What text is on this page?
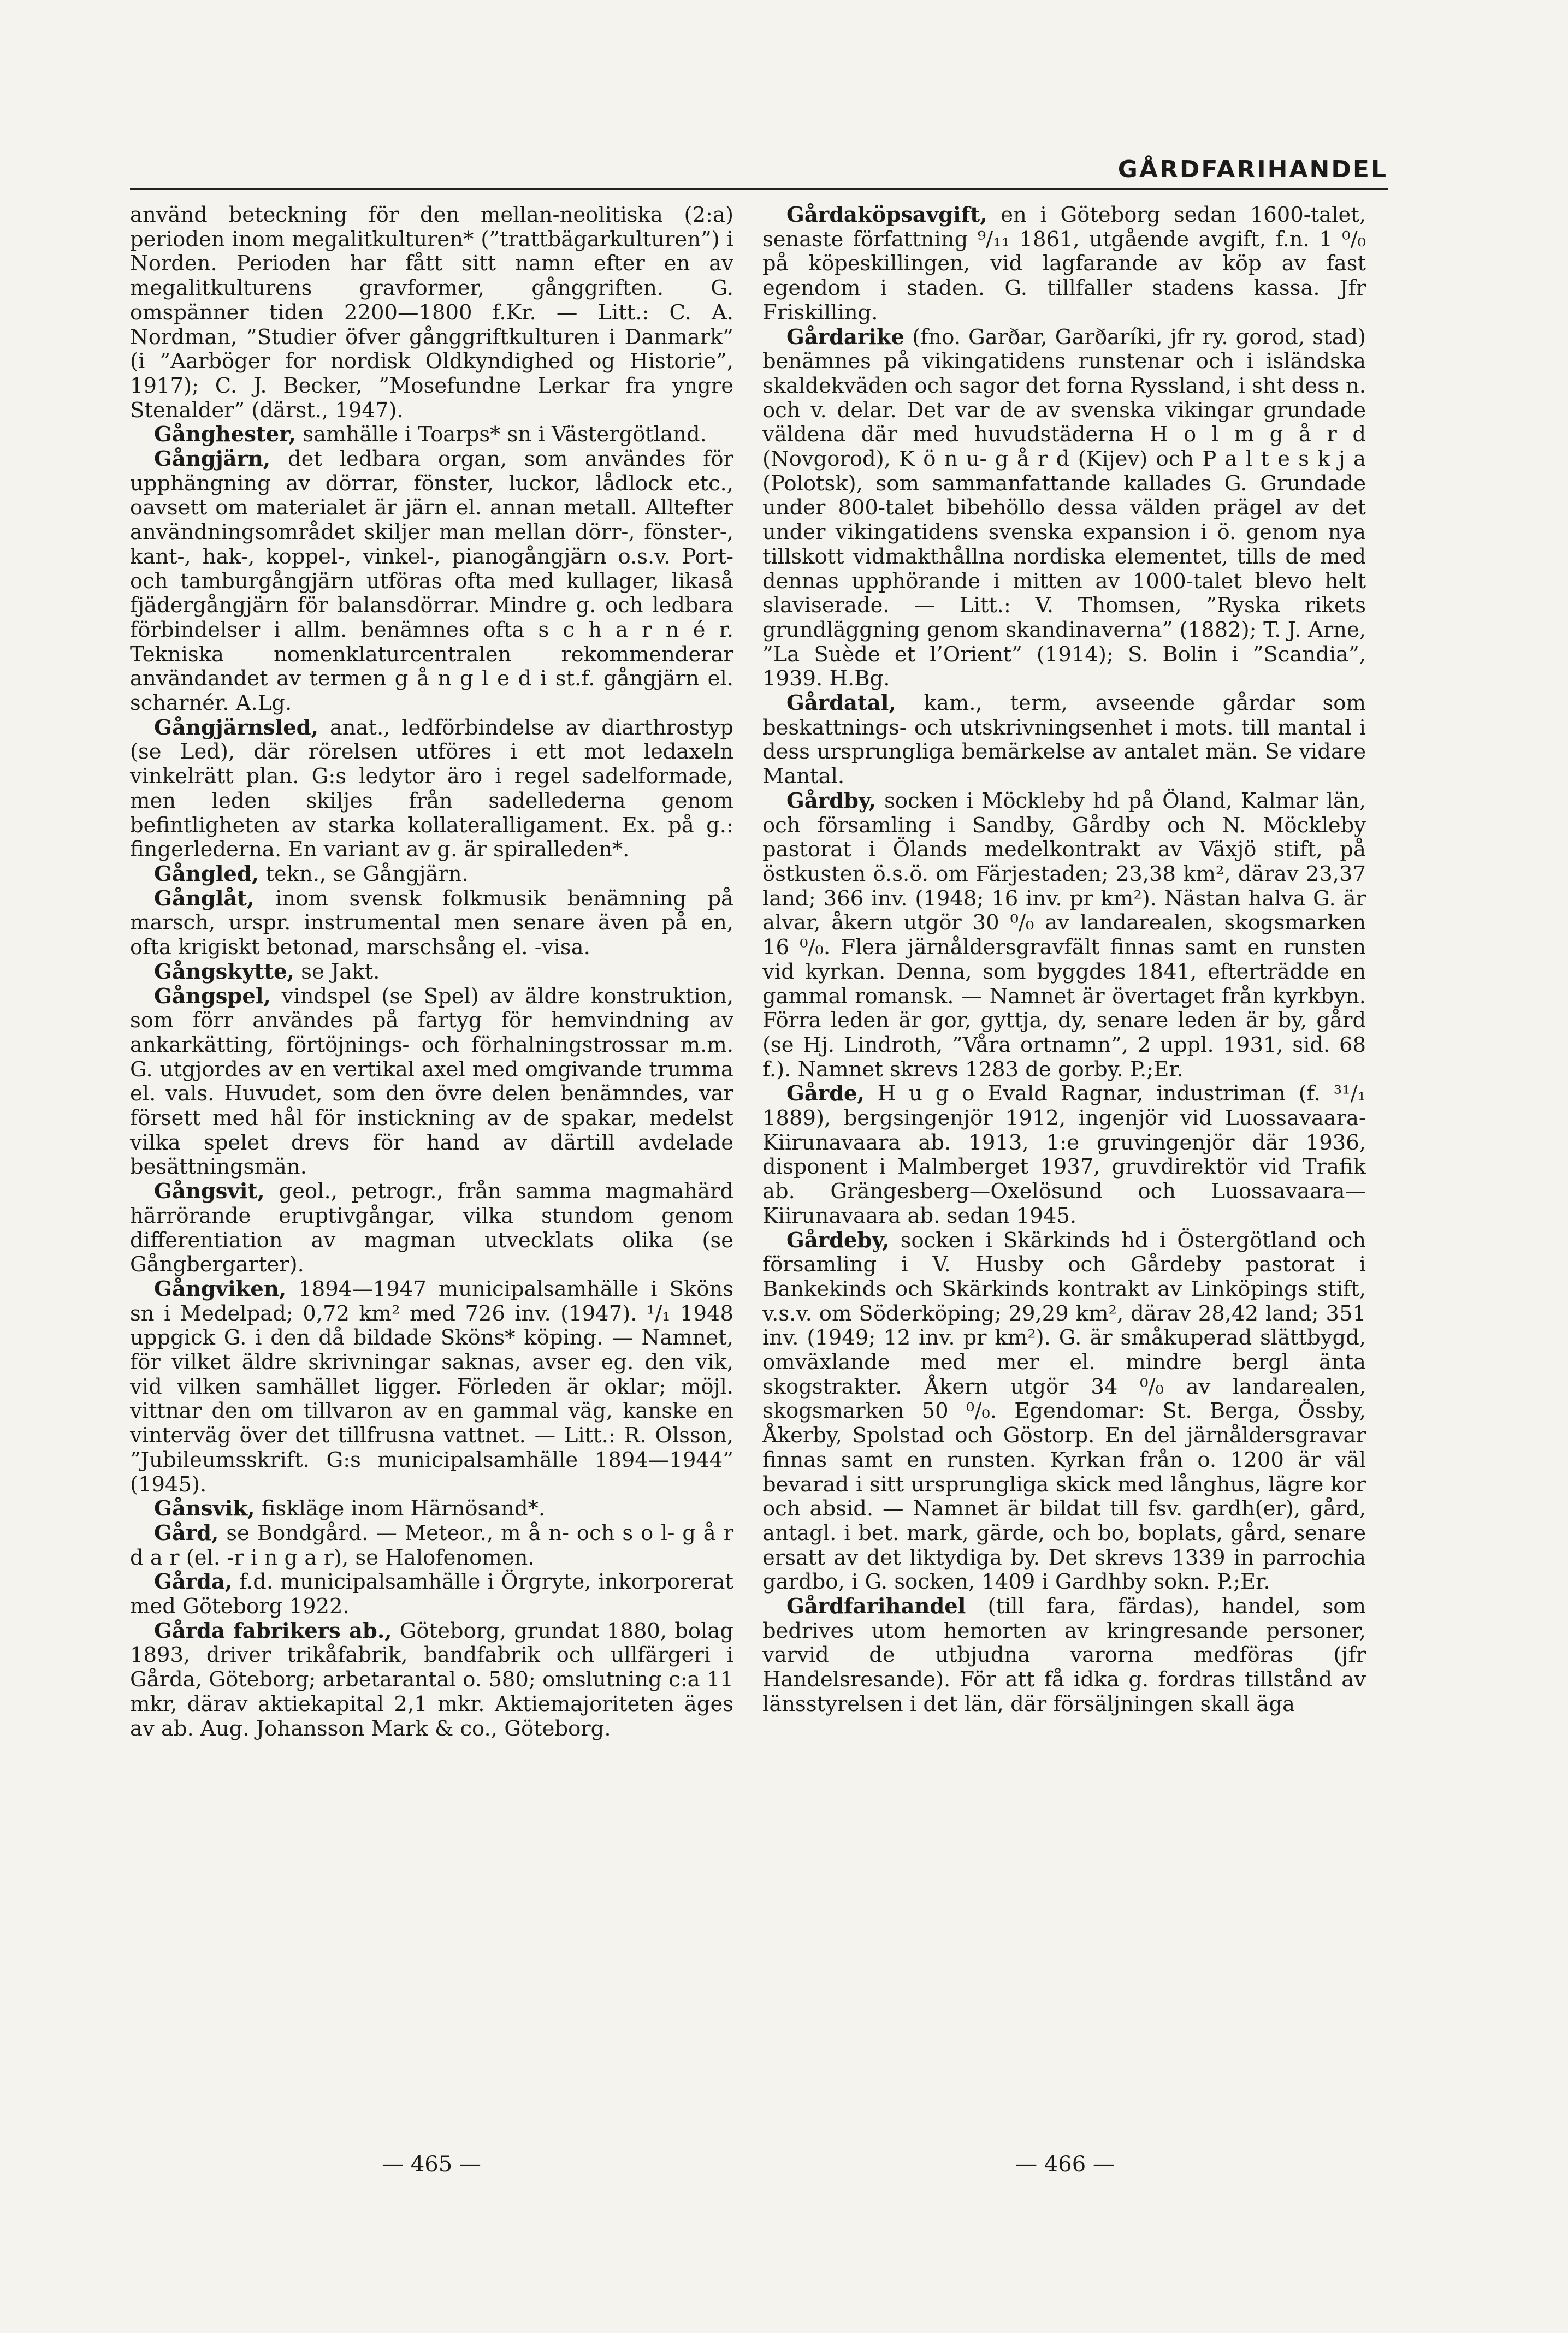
GÅRDFARIHANDEL

använd beteckning för den mellan-neolitiska (2:a) perioden inom megalitkulturen* (”trattbägarkulturen”) i Norden. Perioden har fått sitt namn efter en av megalitkulturens gravformer, gånggriften. G. omspänner tiden 2200—1800 f.Kr. — Litt.: C. A. Nordman, ”Studier öfver gånggriftkulturen i Danmark” (i ”Aarböger for nordisk Oldkyndighed og Historie”, 1917); C. J. Becker, ”Mosefundne Lerkar fra yngre Stenalder” (därst., 1947).

Gånghester, samhälle i Toarps* sn i Västergötland.

Gångjärn, det ledbara organ, som användes för upphängning av dörrar, fönster, luckor, lådlock etc., oavsett om materialet är järn el. annan metall. Alltefter användningsområdet skiljer man mellan dörr-, fönster-, kant-, hak-, koppel-, vinkel-, pianogångjärn o.s.v. Port- och tamburgångjärn utföras ofta med kullager, likaså fjädergångjärn för balansdörrar. Mindre g. och ledbara förbindelser i allm. benämnes ofta s c h a r n é r. Tekniska nomenklaturcentralen rekommenderar användandet av termen g å n g l e d i st.f. gångjärn el. scharnér. A.Lg.

Gångjärnsled, anat., ledförbindelse av diarthrostyp (se Led), där rörelsen utföres i ett mot ledaxeln vinkelrätt plan. G:s ledytor äro i regel sadelformade, men leden skiljes från sadellederna genom befintligheten av starka kollateralligament. Ex. på g.: fingerlederna. En variant av g. är spiralleden*.

Gångled, tekn., se Gångjärn.

Gånglåt, inom svensk folkmusik benämning på marsch, urspr. instrumental men senare även på en, ofta krigiskt betonad, marschsång el. -visa.

Gångskytte, se Jakt.

Gångspel, vindspel (se Spel) av äldre konstruktion, som förr användes på fartyg för hemvindning av ankarkätting, förtöjnings- och förhalningstrossar m.m. G. utgjordes av en vertikal axel med omgivande trumma el. vals. Huvudet, som den övre delen benämndes, var försett med hål för instickning av de spakar, medelst vilka spelet drevs för hand av därtill avdelade besättningsmän.

Gångsvit, geol., petrogr., från samma magmahärd härrörande eruptivgångar, vilka stundom genom differentiation av magman utvecklats olika (se Gångbergarter).

Gångviken, 1894—1947 municipalsamhälle i Sköns sn i Medelpad; 0,72 km² med 726 inv. (1947). ¹/₁ 1948 uppgick G. i den då bildade Sköns* köping. — Namnet, för vilket äldre skrivningar saknas, avser eg. den vik, vid vilken samhället ligger. Förleden är oklar; möjl. vittnar den om tillvaron av en gammal väg, kanske en vinterväg över det tillfrusna vattnet. — Litt.: R. Olsson, ”Jubileumsskrift. G:s municipalsamhälle 1894—1944” (1945).

Gånsvik, fiskläge inom Härnösand*.

Gård, se Bondgård. — Meteor., m å n- och s o l- g å r d a r (el. -r i n g a r), se Halofenomen.

Gårda, f.d. municipalsamhälle i Örgryte, inkorporerat med Göteborg 1922.

Gårda fabrikers ab., Göteborg, grundat 1880, bolag 1893, driver trikåfabrik, bandfabrik och ullfärgeri i Gårda, Göteborg; arbetarantal o. 580; omslutning c:a 11 mkr, därav aktiekapital 2,1 mkr. Aktiemajoriteten äges av ab. Aug. Johansson Mark & co., Göteborg.

Gårdaköpsavgift, en i Göteborg sedan 1600-talet, senaste författning ⁹/₁₁ 1861, utgående avgift, f.n. 1 ⁰/₀ på köpeskillingen, vid lagfarande av köp av fast egendom i staden. G. tillfaller stadens kassa. Jfr Friskilling.

Gårdarike (fno. Garðar, Garðaríki, jfr ry. gorod, stad) benämnes på vikingatidens runstenar och i isländska skaldekväden och sagor det forna Ryssland, i sht dess n. och v. delar. Det var de av svenska vikingar grundade väldena där med huvudstäderna H o l m g å r d (Novgorod), K ö n u- g å r d (Kijev) och P a l t e s k j a (Polotsk), som sammanfattande kallades G. Grundade under 800-talet bibehöllo dessa välden prägel av det under vikingatidens svenska expansion i ö. genom nya tillskott vidmakthållna nordiska elementet, tills de med dennas upphörande i mitten av 1000-talet blevo helt slaviserade. — Litt.: V. Thomsen, ”Ryska rikets grundläggning genom skandinaverna” (1882); T. J. Arne, ”La Suède et l’Orient” (1914); S. Bolin i ”Scandia”, 1939. H.Bg.

Gårdatal, kam., term, avseende gårdar som beskattnings- och utskrivningsenhet i mots. till mantal i dess ursprungliga bemärkelse av antalet män. Se vidare Mantal.

Gårdby, socken i Möckleby hd på Öland, Kalmar län, och församling i Sandby, Gårdby och N. Möckleby pastorat i Ölands medelkontrakt av Växjö stift, på östkusten ö.s.ö. om Färjestaden; 23,38 km², därav 23,37 land; 366 inv. (1948; 16 inv. pr km²). Nästan halva G. är alvar, åkern utgör 30 ⁰/₀ av landarealen, skogsmarken 16 ⁰/₀. Flera järnåldersgravfält finnas samt en runsten vid kyrkan. Denna, som byggdes 1841, efterträdde en gammal romansk. — Namnet är övertaget från kyrkbyn. Förra leden är gor, gyttja, dy, senare leden är by, gård (se Hj. Lindroth, ”Våra ortnamn”, 2 uppl. 1931, sid. 68 f.). Namnet skrevs 1283 de gorby. P.;Er.

Gårde, H u g o Evald Ragnar, industriman (f. ³¹/₁ 1889), bergsingenjör 1912, ingenjör vid Luossavaara-Kiirunavaara ab. 1913, 1:e gruvingenjör där 1936, disponent i Malmberget 1937, gruvdirektör vid Trafik ab. Grängesberg—Oxelösund och Luossavaara—Kiirunavaara ab. sedan 1945.

Gårdeby, socken i Skärkinds hd i Östergötland och församling i V. Husby och Gårdeby pastorat i Bankekinds och Skärkinds kontrakt av Linköpings stift, v.s.v. om Söderköping; 29,29 km², därav 28,42 land; 351 inv. (1949; 12 inv. pr km²). G. är småkuperad slättbygd, omväxlande med mer el. mindre bergl änta skogstrakter. Åkern utgör 34 ⁰/₀ av landarealen, skogsmarken 50 ⁰/₀. Egendomar: St. Berga, Össby, Åkerby, Spolstad och Göstorp. En del järnåldersgravar finnas samt en runsten. Kyrkan från o. 1200 är väl bevarad i sitt ursprungliga skick med långhus, lägre kor och absid. — Namnet är bildat till fsv. gardh(er), gård, antagl. i bet. mark, gärde, och bo, boplats, gård, senare ersatt av det liktydiga by. Det skrevs 1339 in parrochia gardbo, i G. socken, 1409 i Gardhby sokn. P.;Er.

Gårdfarihandel (till fara, färdas), handel, som bedrives utom hemorten av kringresande personer, varvid de utbjudna varorna medföras (jfr Handelsresande). För att få idka g. fordras tillstånd av länsstyrelsen i det län, där försäljningen skall äga

— 465 —	— 466 —
